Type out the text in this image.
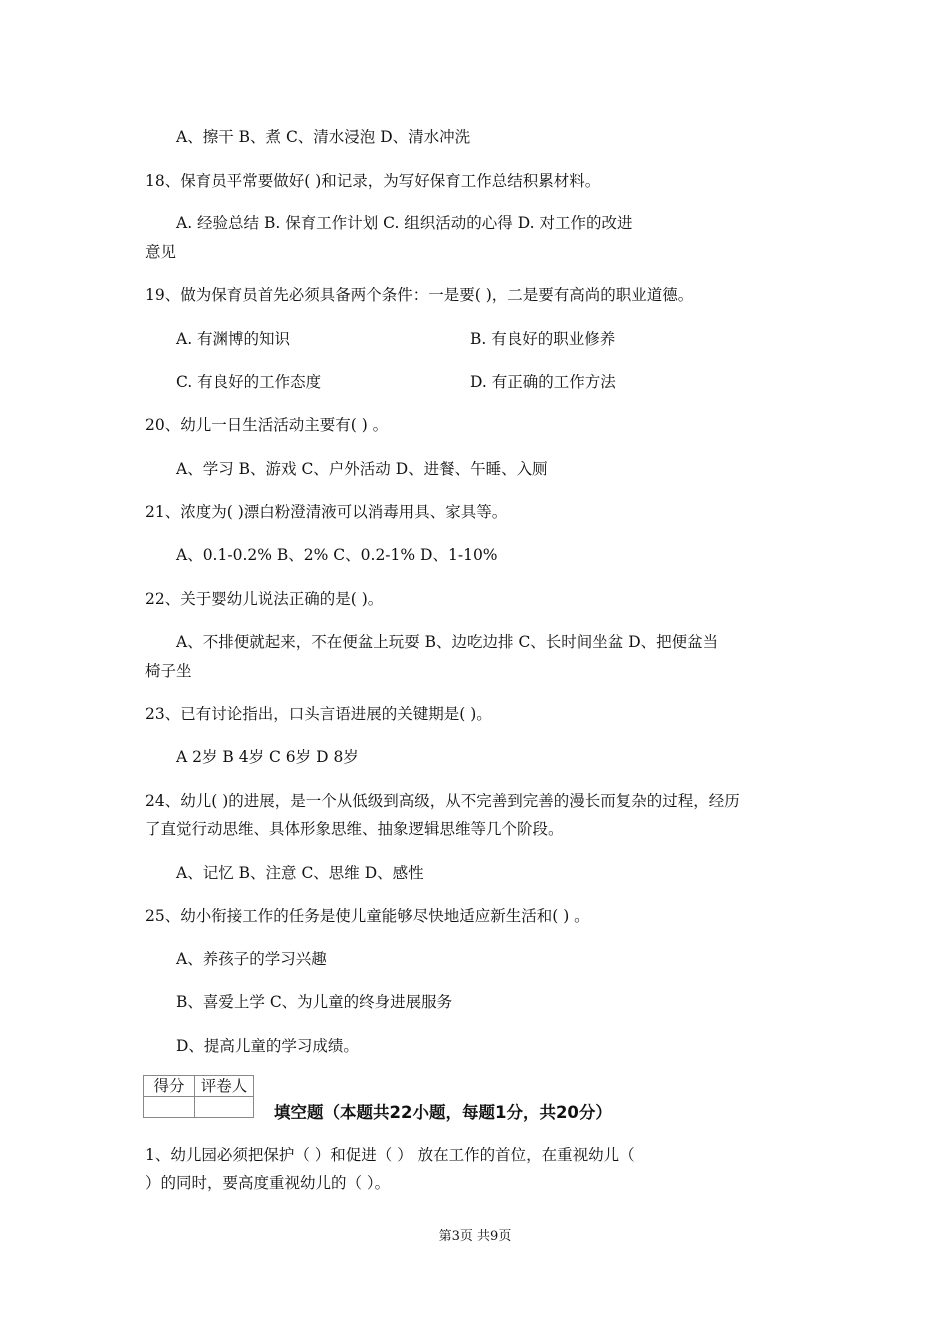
A、擦干 B、煮 C、清水浸泡 D、清水冲洗
18、保育员平常要做好( )和记录，为写好保育工作总结积累材料。
A. 经验总结 B. 保育工作计划 C. 组织活动的心得 D. 对工作的改进
意见
19、做为保育员首先必须具备两个条件：一是要( )，二是要有高尚的职业道德。
A. 有渊博的知识	B. 有良好的职业修养
C. 有良好的工作态度	D. 有正确的工作方法
20、幼儿一日生活活动主要有( ) 。
A、学习 B、游戏 C、户外活动 D、进餐、午睡、入厕
21、浓度为( )漂白粉澄清液可以消毒用具、家具等。
A、0.1-0.2% B、2% C、0.2-1% D、1-10%
22、关于婴幼儿说法正确的是( )。
A、不排便就起来，不在便盆上玩耍 B、边吃边排 C、长时间坐盆 D、把便盆当
椅子坐
23、已有讨论指出，口头言语进展的关键期是( )。
A 2岁 B 4岁 C 6岁 D 8岁
24、幼儿( )的进展，是一个从低级到高级，从不完善到完善的漫长而复杂的过程，经历
了直觉行动思维、具体形象思维、抽象逻辑思维等几个阶段。
A、记忆 B、注意 C、思维 D、感性
25、幼小衔接工作的任务是使儿童能够尽快地适应新生活和( ) 。
A、养孩子的学习兴趣
B、喜爱上学 C、为儿童的终身进展服务
D、提高儿童的学习成绩。
得分	评卷人

填空题（本题共22小题，每题1分，共20分）
1、幼儿园必须把保护（ ）和促进（ ） 放在工作的首位，在重视幼儿（
）的同时，要高度重视幼儿的（ ）。
第3页 共9页
